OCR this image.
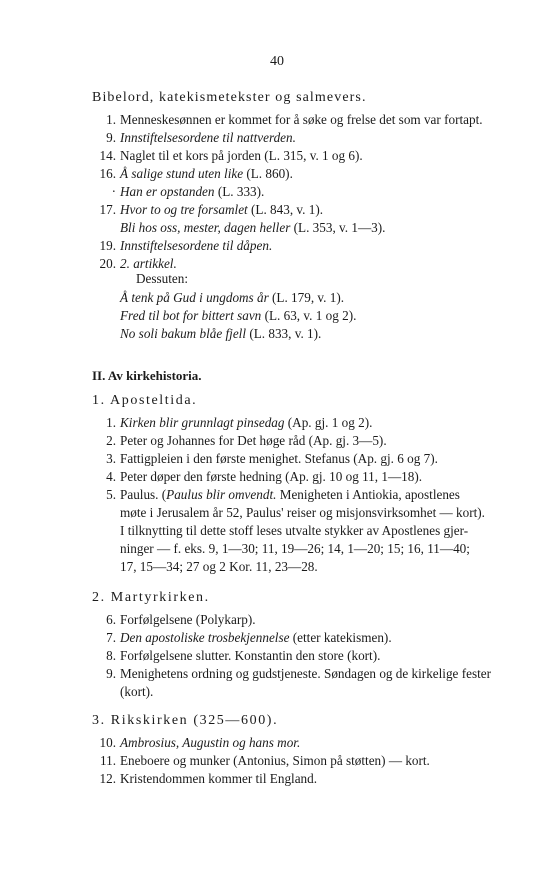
40
Bibelord, katekismetekster og salmevers.
1. Menneskesønnen er kommet for å søke og frelse det som var fortapt.
9. Innstiftelsesordene til nattverden.
14. Naglet til et kors på jorden (L. 315, v. 1 og 6).
16. Å salige stund uten like (L. 860).
· Han er opstanden (L. 333).
17. Hvor to og tre forsamlet (L. 843, v. 1).
Bli hos oss, mester, dagen heller (L. 353, v. 1—3).
19. Innstiftelsesordene til dåpen.
20. 2. artikkel.
Dessuten:
Å tenk på Gud i ungdoms år (L. 179, v. 1).
Fred til bot for bittert savn (L. 63, v. 1 og 2).
No soli bakum blåe fjell (L. 833, v. 1).
II. Av kirkehistoria.
1. Aposteltida.
1. Kirken blir grunnlagt pinsedag (Ap. gj. 1 og 2).
2. Peter og Johannes for Det høge råd (Ap. gj. 3—5).
3. Fattigpleien i den første menighet. Stefanus (Ap. gj. 6 og 7).
4. Peter døper den første hedning (Ap. gj. 10 og 11, 1—18).
5. Paulus. (Paulus blir omvendt. Menigheten i Antiokia, apostlenes
møte i Jerusalem år 52, Paulus' reiser og misjonsvirksomhet — kort).
I tilknytting til dette stoff leses utvalte stykker av Apostlenes gjer-
ninger — f. eks. 9, 1—30; 11, 19—26; 14, 1—20; 15; 16, 11—40;
17, 15—34; 27 og 2 Kor. 11, 23—28.
2. Martyrkirken.
6. Forfølgelsene (Polykarp).
7. Den apostoliske trosbekjennelse (etter katekismen).
8. Forfølgelsene slutter. Konstantin den store (kort).
9. Menighetens ordning og gudstjeneste. Søndagen og de kirkelige fester
(kort).
3. Rikskirken (325—600).
10. Ambrosius, Augustin og hans mor.
11. Eneboere og munker (Antonius, Simon på støtten) — kort.
12. Kristendommen kommer til England.
